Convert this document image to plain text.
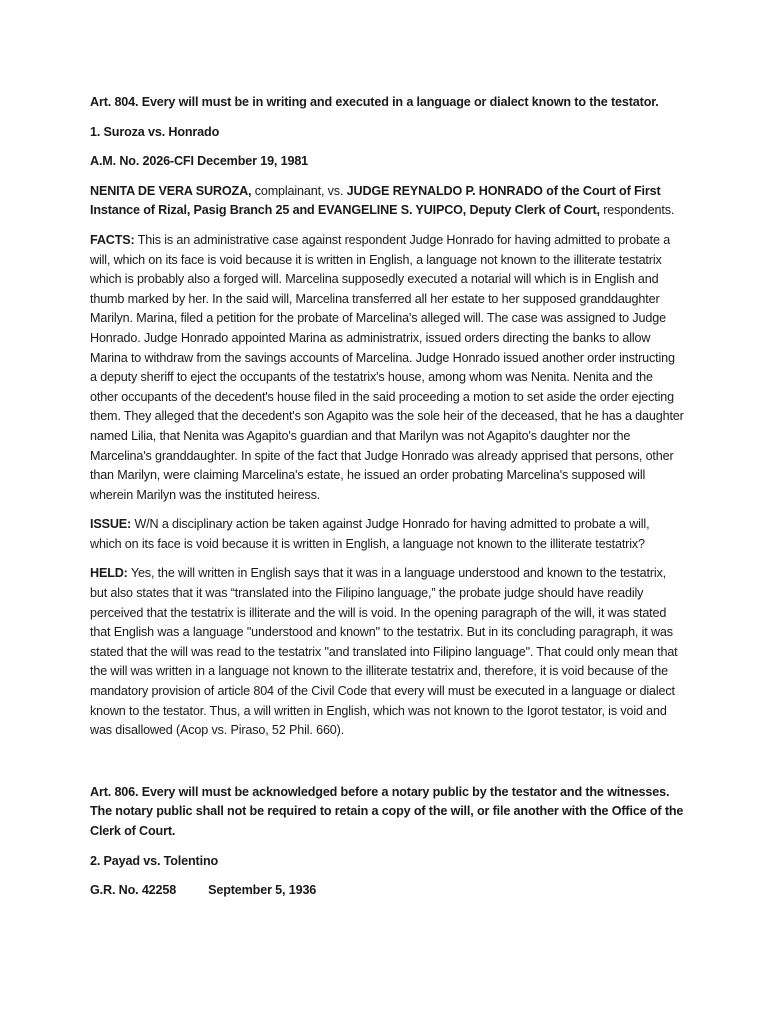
Art. 804. Every will must be in writing and executed in a language or dialect known to the testator.

1. Suroza vs. Honrado

A.M. No. 2026-CFI December 19, 1981

NENITA DE VERA SUROZA, complainant, vs. JUDGE REYNALDO P. HONRADO of the Court of First Instance of Rizal, Pasig Branch 25 and EVANGELINE S. YUIPCO, Deputy Clerk of Court, respondents.

FACTS: This is an administrative case against respondent Judge Honrado for having admitted to probate a will, which on its face is void because it is written in English, a language not known to the illiterate testatrix which is probably also a forged will. Marcelina supposedly executed a notarial will which is in English and thumb marked by her. In the said will, Marcelina transferred all her estate to her supposed granddaughter Marilyn. Marina, filed a petition for the probate of Marcelina's alleged will. The case was assigned to Judge Honrado. Judge Honrado appointed Marina as administratrix, issued orders directing the banks to allow Marina to withdraw from the savings accounts of Marcelina. Judge Honrado issued another order instructing a deputy sheriff to eject the occupants of the testatrix's house, among whom was Nenita. Nenita and the other occupants of the decedent's house filed in the said proceeding a motion to set aside the order ejecting them. They alleged that the decedent's son Agapito was the sole heir of the deceased, that he has a daughter named Lilia, that Nenita was Agapito's guardian and that Marilyn was not Agapito's daughter nor the Marcelina's granddaughter. In spite of the fact that Judge Honrado was already apprised that persons, other than Marilyn, were claiming Marcelina's estate, he issued an order probating Marcelina's supposed will wherein Marilyn was the instituted heiress.

ISSUE: W/N a disciplinary action be taken against Judge Honrado for having admitted to probate a will, which on its face is void because it is written in English, a language not known to the illiterate testatrix?

HELD: Yes, the will written in English says that it was in a language understood and known to the testatrix, but also states that it was “translated into the Filipino language,” the probate judge should have readily perceived that the testatrix is illiterate and the will is void. In the opening paragraph of the will, it was stated that English was a language "understood and known" to the testatrix. But in its concluding paragraph, it was stated that the will was read to the testatrix "and translated into Filipino language". That could only mean that the will was written in a language not known to the illiterate testatrix and, therefore, it is void because of the mandatory provision of article 804 of the Civil Code that every will must be executed in a language or dialect known to the testator. Thus, a will written in English, which was not known to the Igorot testator, is void and was disallowed (Acop vs. Piraso, 52 Phil. 660).

Art. 806. Every will must be acknowledged before a notary public by the testator and the witnesses. The notary public shall not be required to retain a copy of the will, or file another with the Office of the Clerk of Court.

2. Payad vs. Tolentino

G.R. No. 42258	September 5, 1936
